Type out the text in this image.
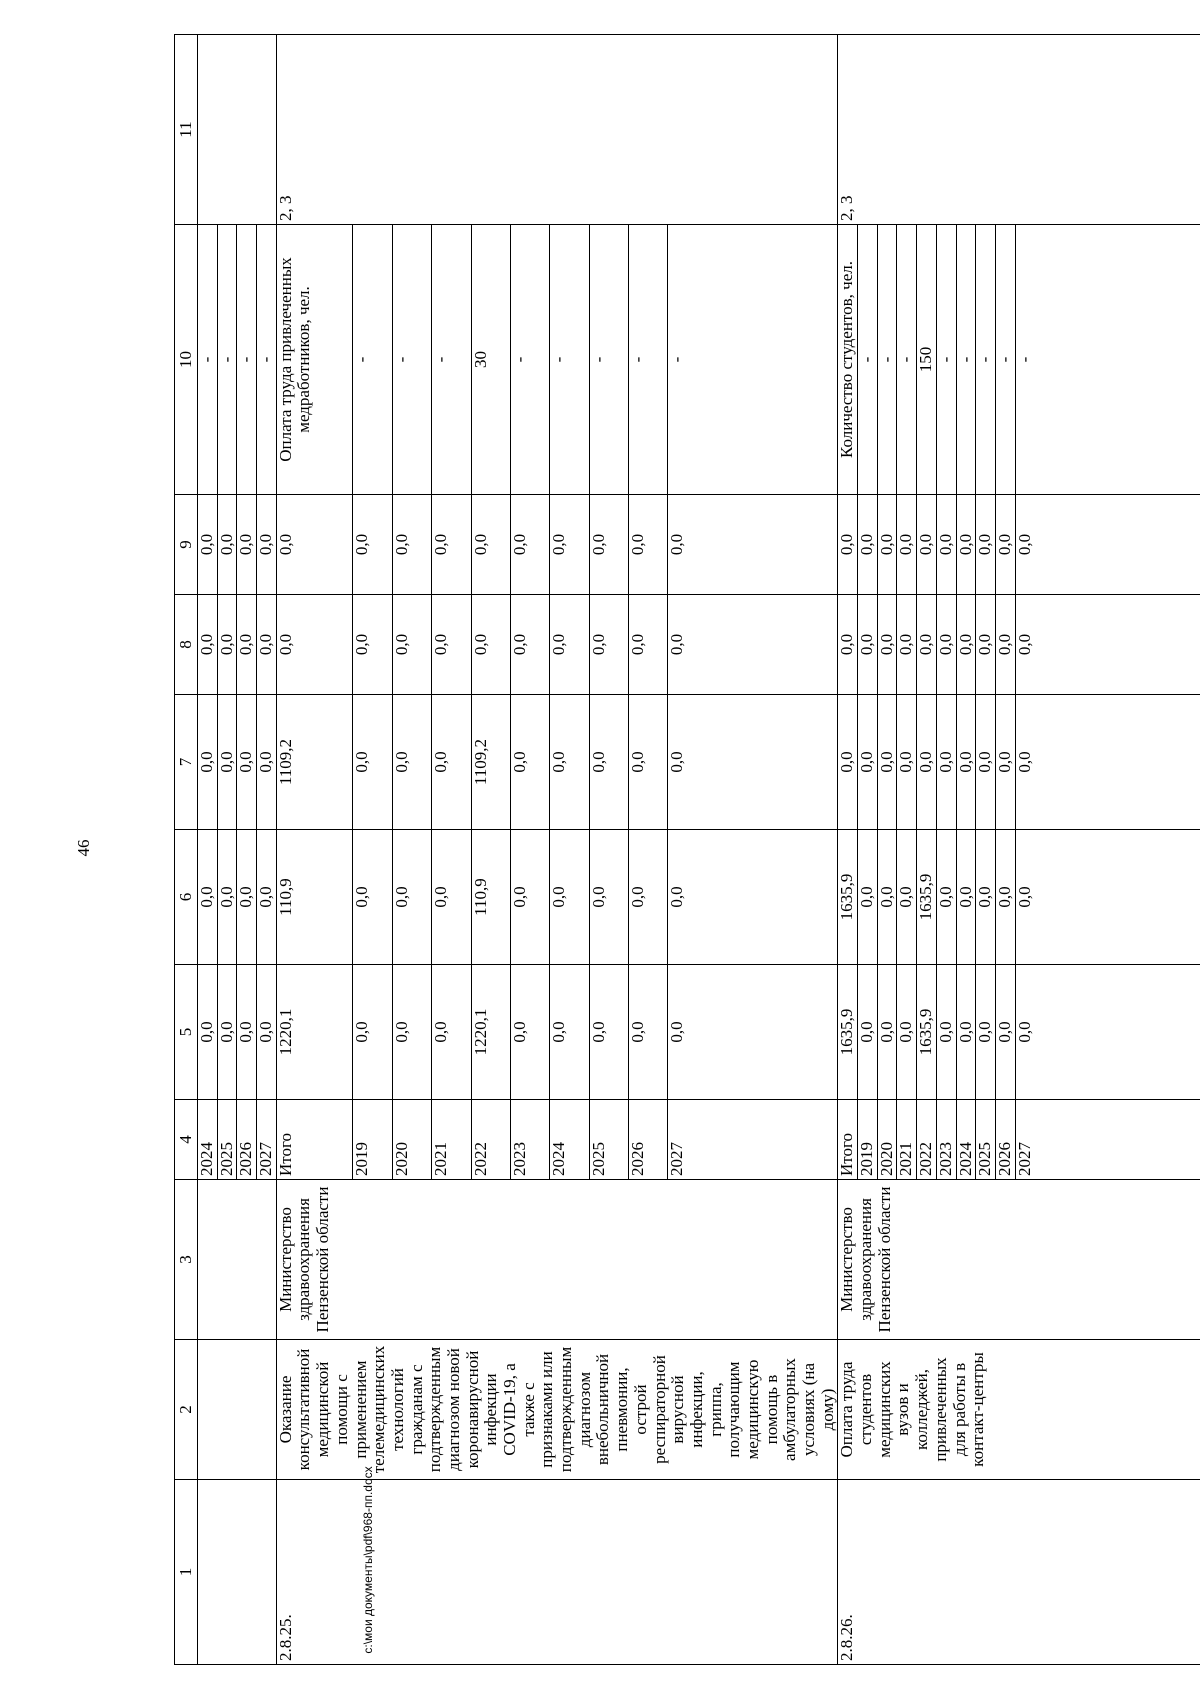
46
c:\мои документы\pdf\968-пп.docx
1	2	3	4	5	6	7	8	9	10	11
			2024	0,0	0,0	0,0	0,0	0,0	-	
			2025	0,0	0,0	0,0	0,0	0,0	-	
			2026	0,0	0,0	0,0	0,0	0,0	-	
			2027	0,0	0,0	0,0	0,0	0,0	-	
2.8.25.	Оказание консультативной медицинской помощи с применением телемедицинских технологий гражданам с подтвержденным диагнозом новой коронавирусной инфекции COVID-19, а также с признаками или подтвержденным диагнозом внебольничной пневмонии, острой респираторной вирусной инфекции, гриппа, получающим медицинскую помощь в амбулаторных условиях (на дому)	Министерство здравоохранения Пензенской области	Итого	1220,1	110,9	1109,2	0,0	0,0	Оплата труда привлеченных медработников, чел.	2, 3
			2019	0,0	0,0	0,0	0,0	0,0	-	
			2020	0,0	0,0	0,0	0,0	0,0	-	
			2021	0,0	0,0	0,0	0,0	0,0	-	
			2022	1220,1	110,9	1109,2	0,0	0,0	30	
			2023	0,0	0,0	0,0	0,0	0,0	-	
			2024	0,0	0,0	0,0	0,0	0,0	-	
			2025	0,0	0,0	0,0	0,0	0,0	-	
			2026	0,0	0,0	0,0	0,0	0,0	-	
			2027	0,0	0,0	0,0	0,0	0,0	-	
2.8.26.	Оплата труда студентов медицинских вузов и колледжей, привлеченных для работы в контакт-центры	Министерство здравоохранения Пензенской области	Итого	1635,9	1635,9	0,0	0,0	0,0	Количество студентов, чел.	2, 3
			2019	0,0	0,0	0,0	0,0	0,0	-	
			2020	0,0	0,0	0,0	0,0	0,0	-	
			2021	0,0	0,0	0,0	0,0	0,0	-	
			2022	1635,9	1635,9	0,0	0,0	0,0	150	
			2023	0,0	0,0	0,0	0,0	0,0	-	
			2024	0,0	0,0	0,0	0,0	0,0	-	
			2025	0,0	0,0	0,0	0,0	0,0	-	
			2026	0,0	0,0	0,0	0,0	0,0	-	
			2027	0,0	0,0	0,0	0,0	0,0	-	
